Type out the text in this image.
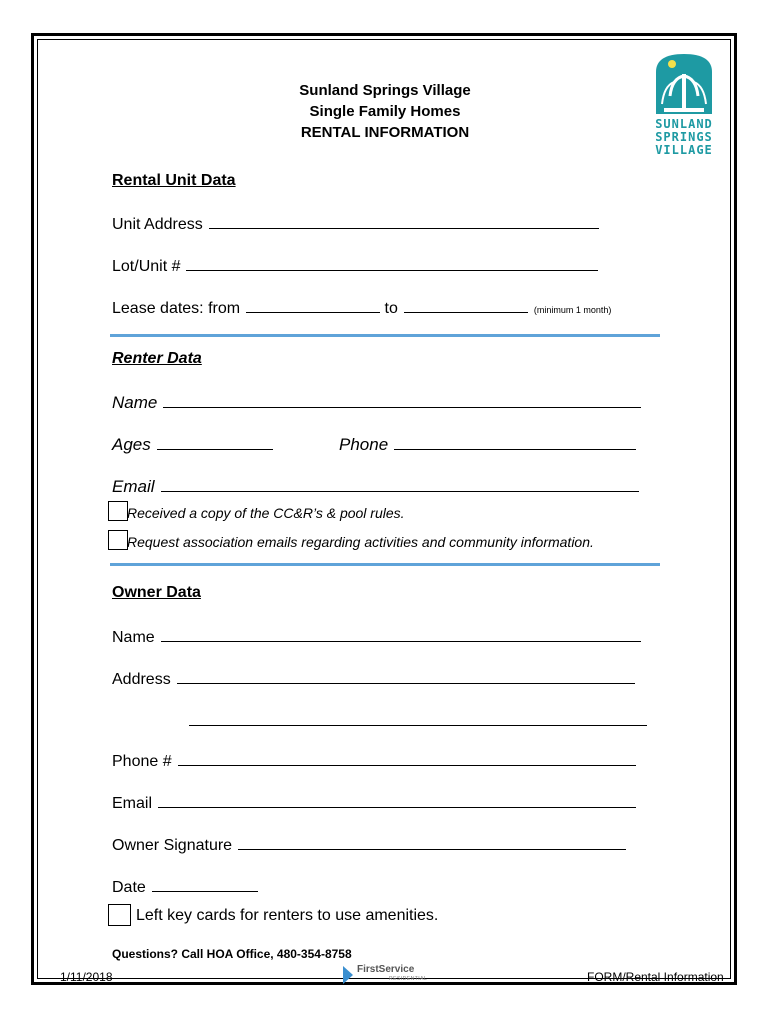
Sunland Springs Village
Single Family Homes
RENTAL INFORMATION	SUNLAND
SPRINGS
VILLAGE
Rental Unit Data
Unit Address
Lot/Unit #
Lease dates: from	to	(minimum 1 month)
Renter Data
Name
Ages	Phone
Email
Received a copy of the CC&R’s & pool rules.
Request association emails regarding activities and community information.
Owner Data
Name
Address
Phone #
Email
Owner Signature
Date
Left key cards for renters to use amenities.
Questions? Call HOA Office, 480-354-8758
1/11/2018
FirstService
RESIDENTIAL	FORM/Rental Information
